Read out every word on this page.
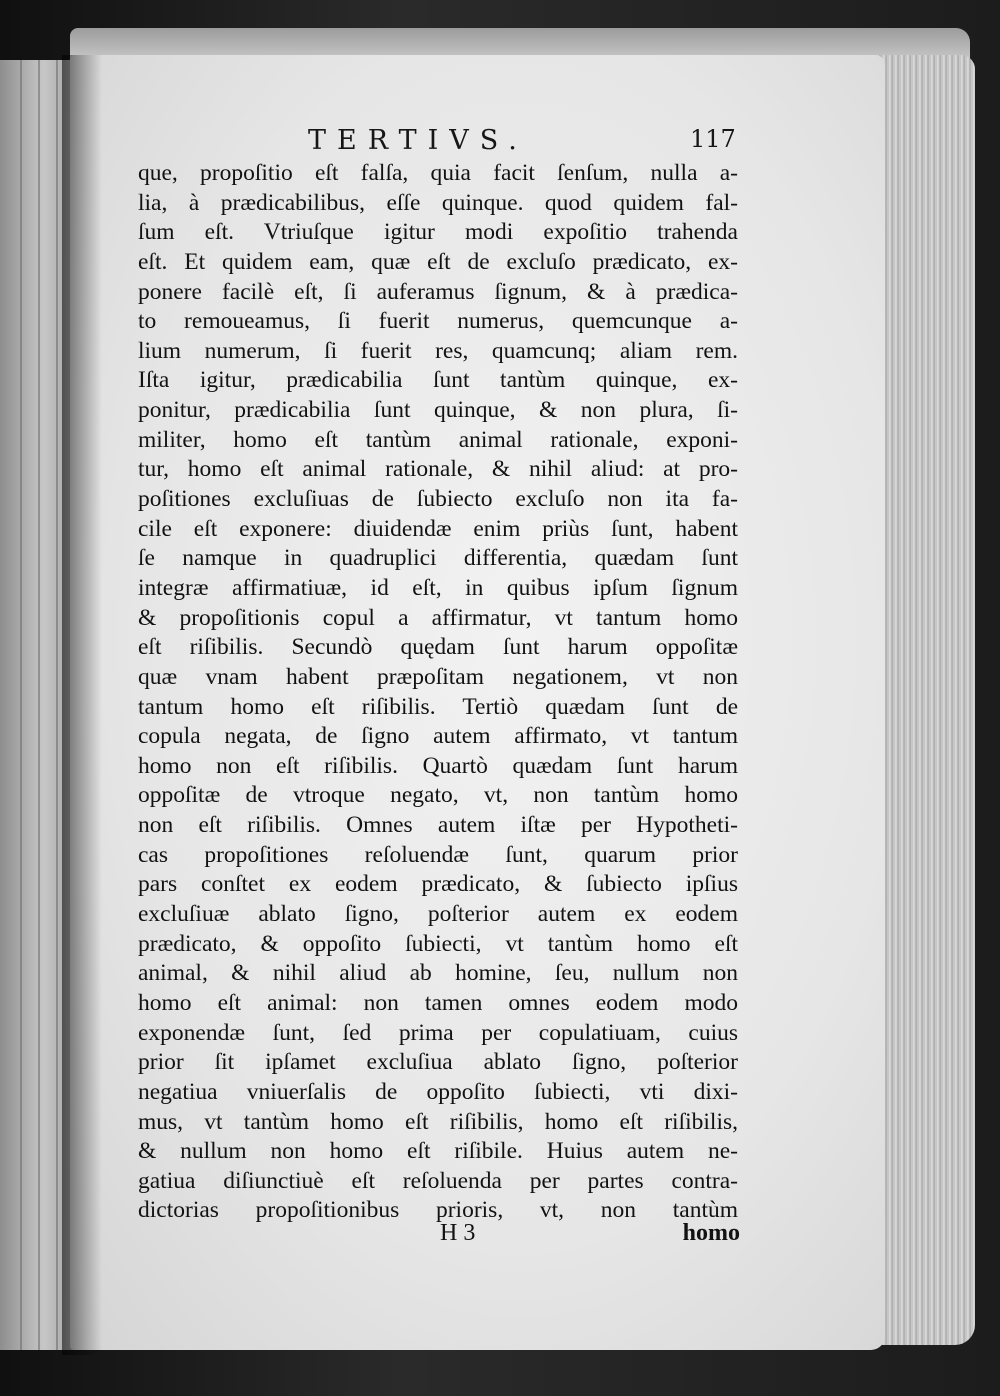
TERTIVS.	117
que, propoſitio eſt falſa, quia facit ſenſum, nulla a-
lia, à prædicabilibus, eſſe quinque. quod quidem fal-
ſum eſt. Vtriuſque igitur modi expoſitio trahenda
eſt. Et quidem eam, quæ eſt de excluſo prædicato, ex-
ponere facilè eſt, ſi auferamus ſignum, & à prædica-
to remoueamus, ſi fuerit numerus, quemcunque a-
lium numerum, ſi fuerit res, quamcunq; aliam rem.
Iſta igitur, prædicabilia ſunt tantùm quinque, ex-
ponitur, prædicabilia ſunt quinque, & non plura, ſi-
militer, homo eſt tantùm animal rationale, exponi-
tur, homo eſt animal rationale, & nihil aliud: at pro-
poſitiones excluſiuas de ſubiecto excluſo non ita fa-
cile eſt exponere: diuidendæ enim priùs ſunt, habent
ſe namque in quadruplici differentia, quædam ſunt
integræ affirmatiuæ, id eſt, in quibus ipſum ſignum
& propoſitionis copul a affirmatur, vt tantum homo
eſt riſibilis. Secundò quędam ſunt harum oppoſitæ
quæ vnam habent præpoſitam negationem, vt non
tantum homo eſt riſibilis. Tertiò quædam ſunt de
copula negata, de ſigno autem affirmato, vt tantum
homo non eſt riſibilis. Quartò quædam ſunt harum
oppoſitæ de vtroque negato, vt, non tantùm homo
non eſt riſibilis. Omnes autem iſtæ per Hypotheti-
cas propoſitiones reſoluendæ ſunt, quarum prior
pars conſtet ex eodem prædicato, & ſubiecto ipſius
excluſiuæ ablato ſigno, poſterior autem ex eodem
prædicato, & oppoſito ſubiecti, vt tantùm homo eſt
animal, & nihil aliud ab homine, ſeu, nullum non
homo eſt animal: non tamen omnes eodem modo
exponendæ ſunt, ſed prima per copulatiuam, cuius
prior ſit ipſamet excluſiua ablato ſigno, poſterior
negatiua vniuerſalis de oppoſito ſubiecti, vti dixi-
mus, vt tantùm homo eſt riſibilis, homo eſt riſibilis,
& nullum non homo eſt riſibile. Huius autem ne-
gatiua diſiunctiuè eſt reſoluenda per partes contra-
dictorias propoſitionibus prioris, vt, non tantùm
H 3	homo
